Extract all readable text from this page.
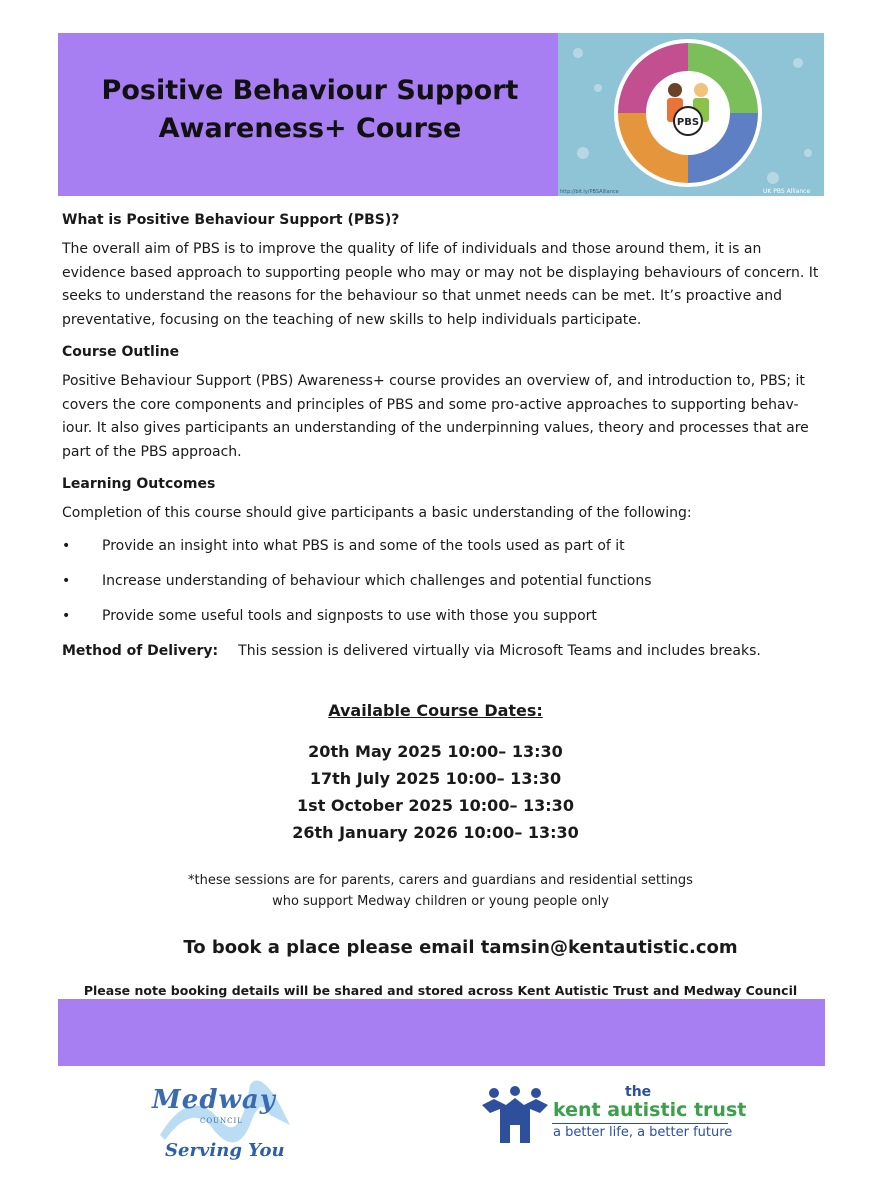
Positive Behaviour Support
Awareness+ Course	PBS
UK PBS Alliance
http://bit.ly/PBSAlliance
What is Positive Behaviour Support (PBS)?
The overall aim of PBS is to improve the quality of life of individuals and those around them, it is an evidence based approach to supporting people who may or may not be displaying behaviours of concern. It seeks to understand the reasons for the behaviour so that unmet needs can be met. It’s proactive and preventative, focusing on the teaching of new skills to help individuals participate.
Course Outline
Positive Behaviour Support (PBS) Awareness+ course provides an overview of, and introduction to, PBS; it covers the core components and principles of PBS and some pro-active approaches to supporting behav-iour. It also gives participants an understanding of the underpinning values, theory and processes that are part of the PBS approach.
Learning Outcomes
Completion of this course should give participants a basic understanding of the following:
• Provide an insight into what PBS is and some of the tools used as part of it
• Increase understanding of behaviour which challenges and potential functions
• Provide some useful tools and signposts to use with those you support
Method of Delivery: This session is delivered virtually via Microsoft Teams and includes breaks.
Available Course Dates:
20th May 2025 10:00– 13:30
17th July 2025 10:00– 13:30
1st October 2025 10:00– 13:30
26th January 2026 10:00– 13:30
*these sessions are for parents, carers and guardians and residential settings
who support Medway children or young people only
To book a place please email tamsin@kentautistic.com
Please note booking details will be shared and stored across Kent Autistic Trust and Medway Council
Medway
COUNCIL
Serving You
the
kent autistic trust
a better life, a better future
